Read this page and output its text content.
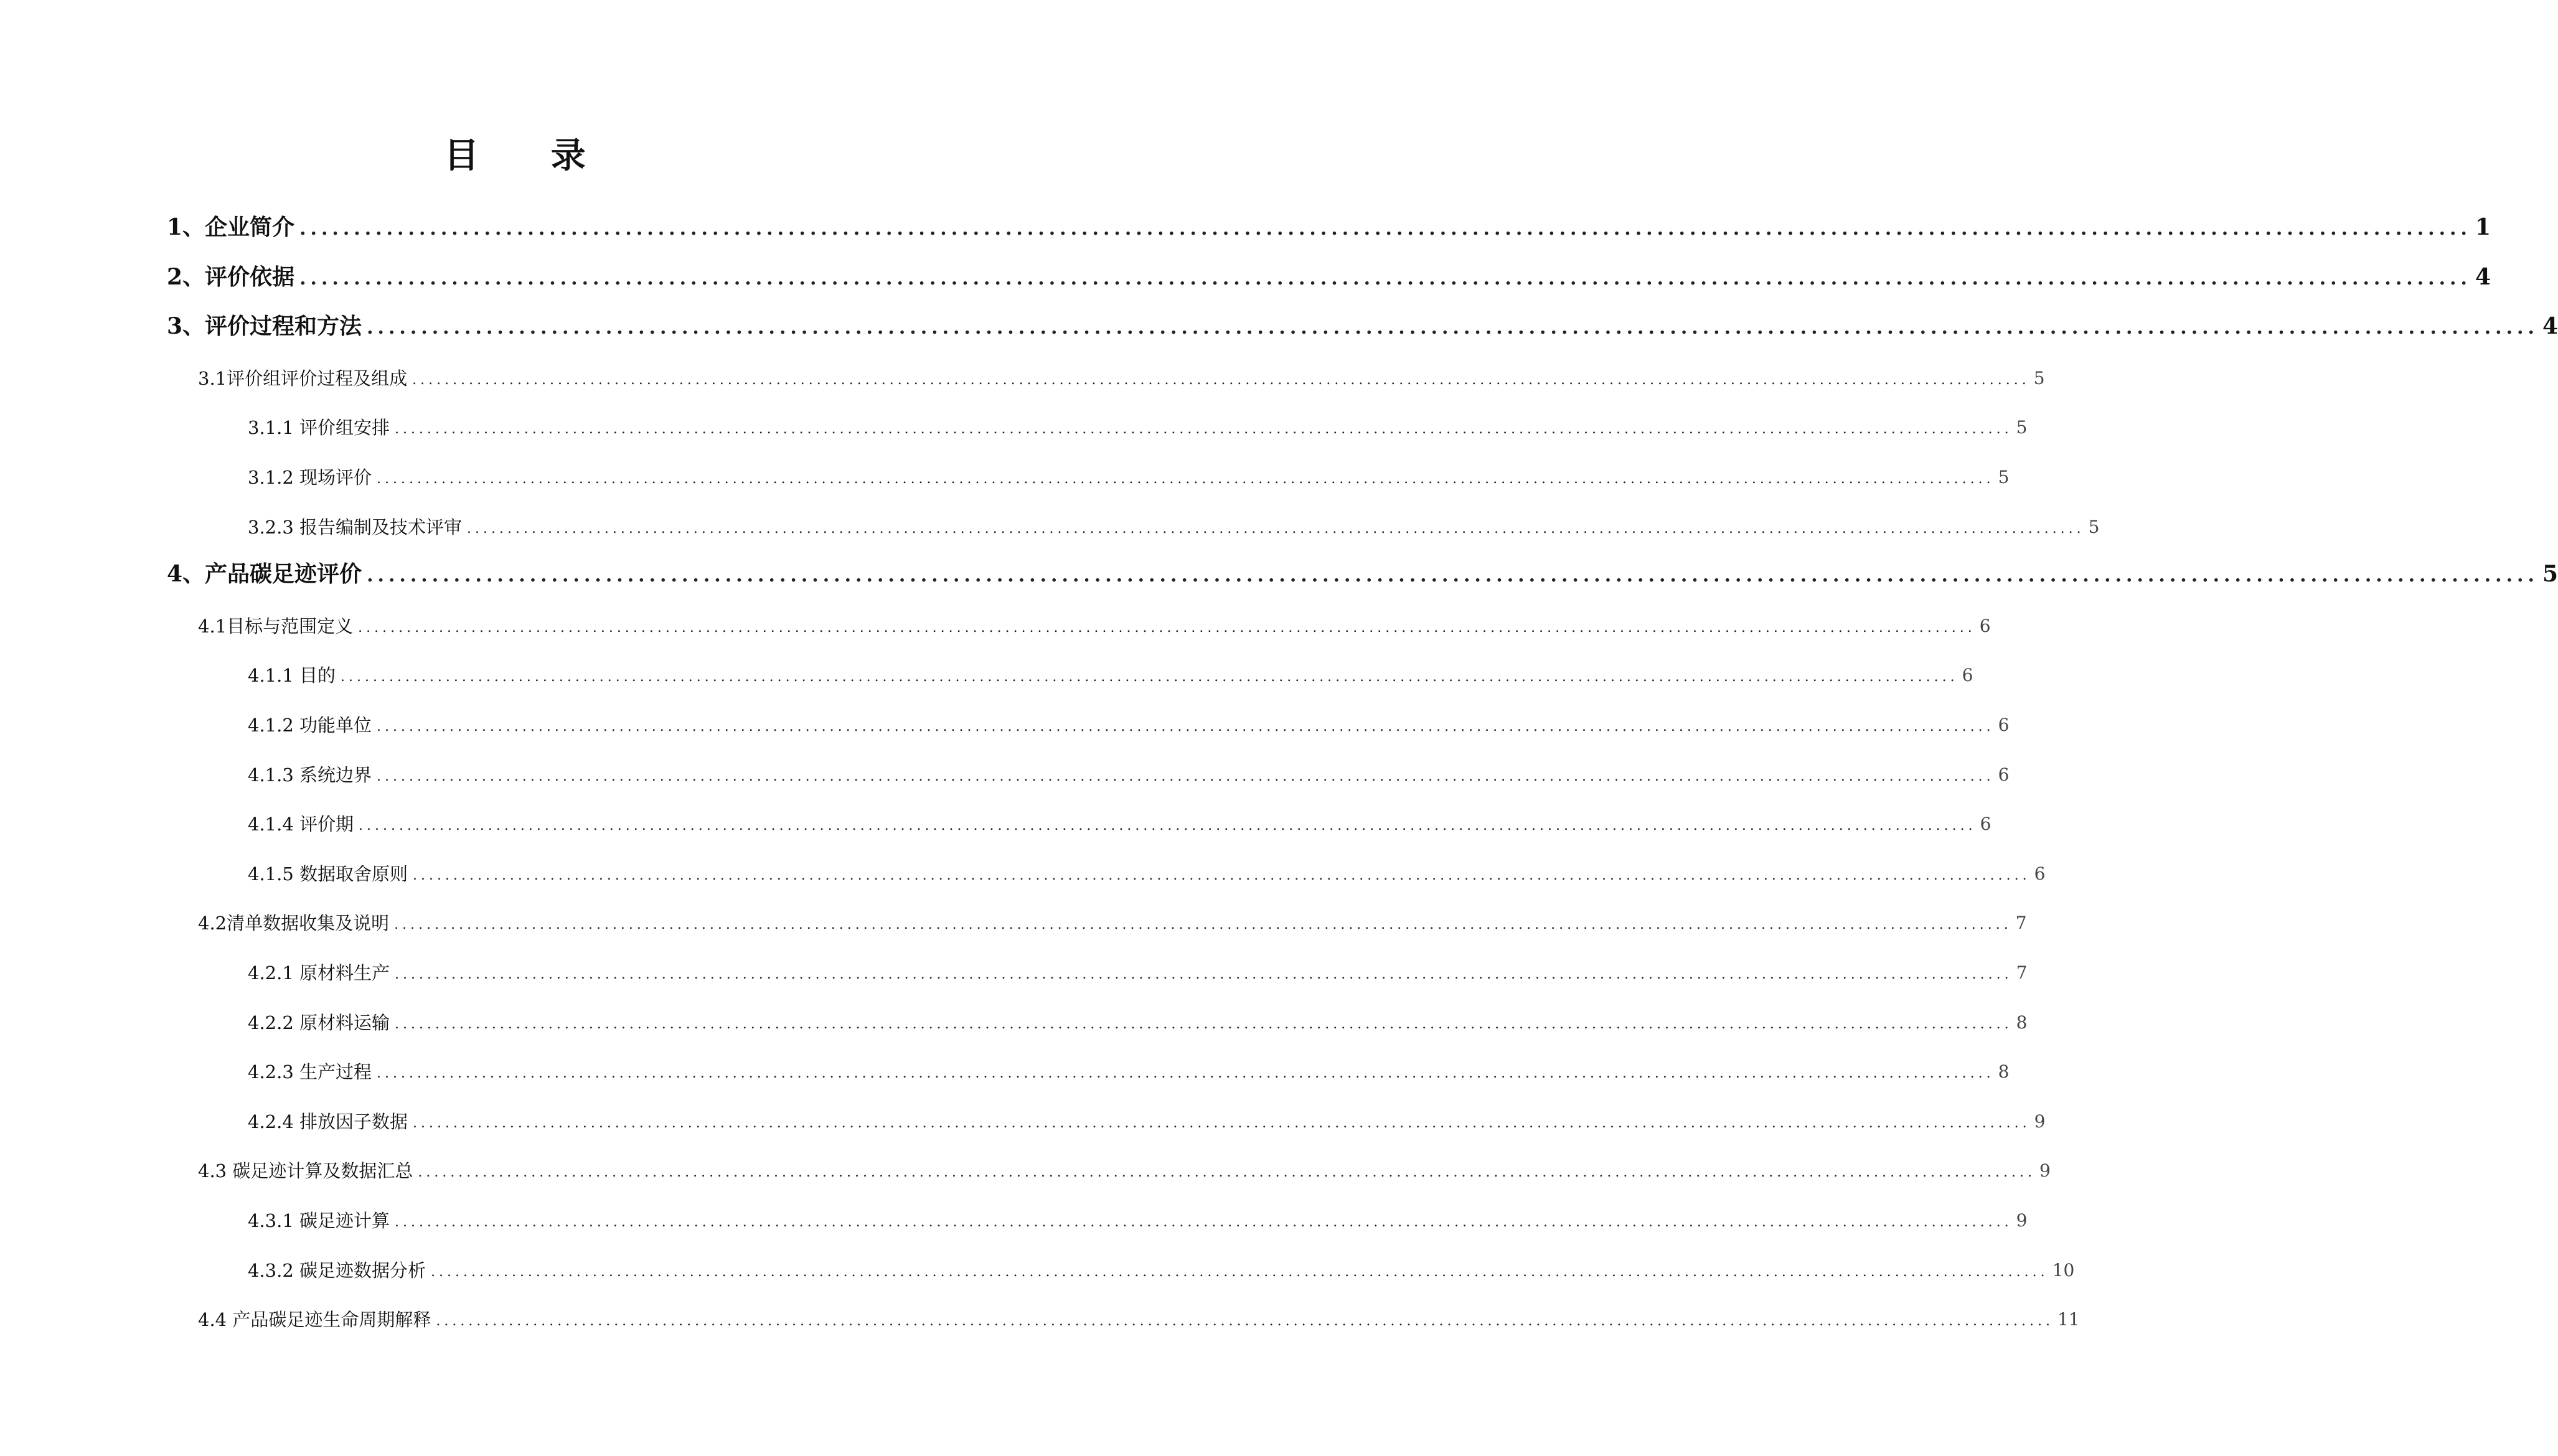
目 录
1、企业简介 ........................................................................................................................................................................................................ 1
2、评价依据 ........................................................................................................................................................................................................ 4
3、评价过程和方法 ........................................................................................................................................................................................................ 4
3.1评价组评价过程及组成 ........................................................................................................................................................................................................ 5
3.1.1 评价组安排 ........................................................................................................................................................................................................ 5
3.1.2 现场评价 ........................................................................................................................................................................................................ 5
3.2.3 报告编制及技术评审 ........................................................................................................................................................................................................ 5
4、产品碳足迹评价 ........................................................................................................................................................................................................ 5
4.1目标与范围定义 ........................................................................................................................................................................................................ 6
4.1.1 目的 ........................................................................................................................................................................................................ 6
4.1.2 功能单位 ........................................................................................................................................................................................................ 6
4.1.3 系统边界 ........................................................................................................................................................................................................ 6
4.1.4 评价期 ........................................................................................................................................................................................................ 6
4.1.5 数据取舍原则 ........................................................................................................................................................................................................ 6
4.2清单数据收集及说明 ........................................................................................................................................................................................................ 7
4.2.1 原材料生产 ........................................................................................................................................................................................................ 7
4.2.2 原材料运输 ........................................................................................................................................................................................................ 8
4.2.3 生产过程 ........................................................................................................................................................................................................ 8
4.2.4 排放因子数据 ........................................................................................................................................................................................................ 9
4.3 碳足迹计算及数据汇总 ........................................................................................................................................................................................................ 9
4.3.1 碳足迹计算 ........................................................................................................................................................................................................ 9
4.3.2 碳足迹数据分析 ........................................................................................................................................................................................................ 10
4.4 产品碳足迹生命周期解释 ........................................................................................................................................................................................................ 11
